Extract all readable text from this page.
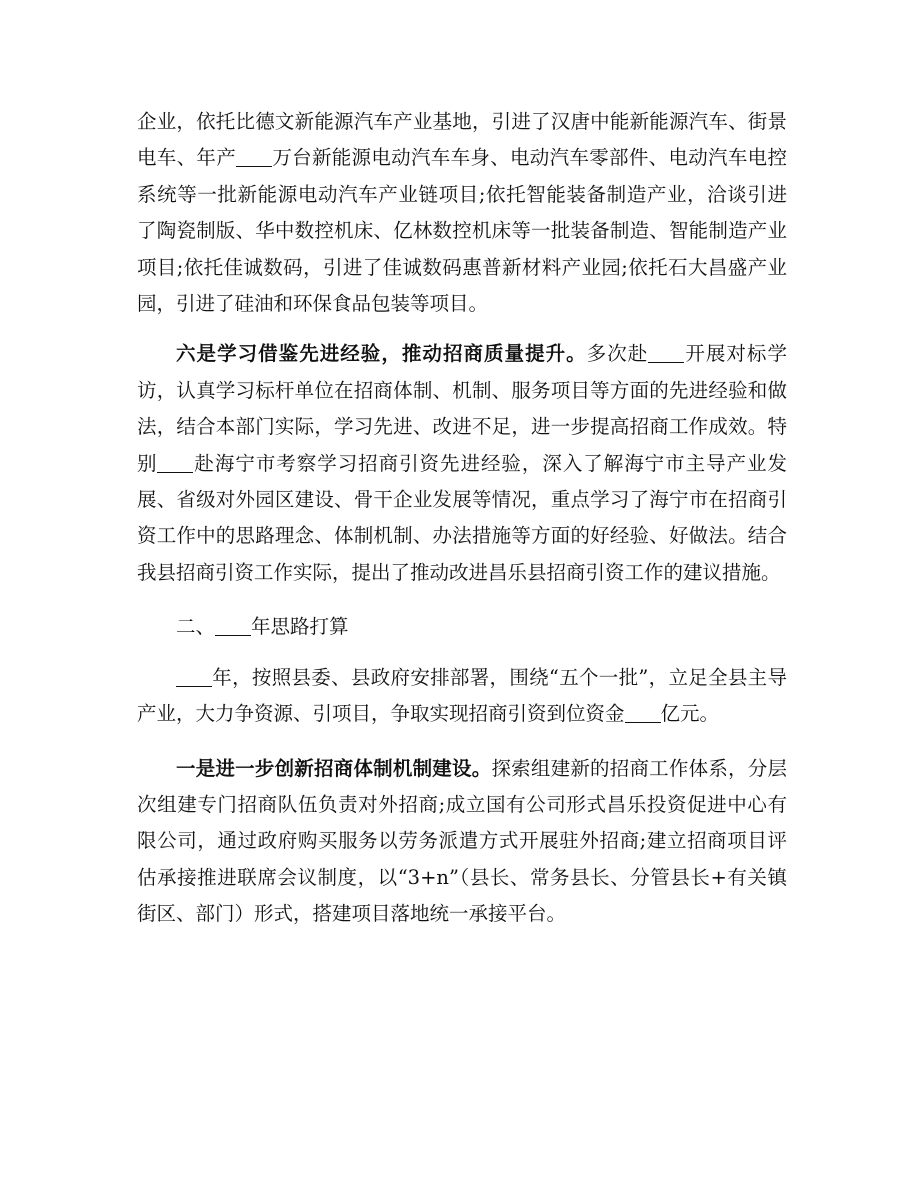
企业，依托比德文新能源汽车产业基地，引进了汉唐中能新能源汽车、街景电车、年产 万台新能源电动汽车车身、电动汽车零部件、电动汽车电控系统等一批新能源电动汽车产业链项目;依托智能装备制造产业，洽谈引进了陶瓷制版、华中数控机床、亿林数控机床等一批装备制造、智能制造产业项目;依托佳诚数码，引进了佳诚数码惠普新材料产业园;依托石大昌盛产业园，引进了硅油和环保食品包装等项目。

六是学习借鉴先进经验，推动招商质量提升。多次赴 开展对标学访，认真学习标杆单位在招商体制、机制、服务项目等方面的先进经验和做法，结合本部门实际，学习先进、改进不足，进一步提高招商工作成效。特别 赴海宁市考察学习招商引资先进经验，深入了解海宁市主导产业发展、省级对外园区建设、骨干企业发展等情况，重点学习了海宁市在招商引资工作中的思路理念、体制机制、办法措施等方面的好经验、好做法。结合我县招商引资工作实际，提出了推动改进昌乐县招商引资工作的建议措施。

二、 年思路打算

年，按照县委、县政府安排部署，围绕“五个一批”，立足全县主导产业，大力争资源、引项目，争取实现招商引资到位资金 亿元。

一是进一步创新招商体制机制建设。探索组建新的招商工作体系，分层次组建专门招商队伍负责对外招商;成立国有公司形式昌乐投资促进中心有限公司，通过政府购买服务以劳务派遣方式开展驻外招商;建立招商项目评估承接推进联席会议制度，以“3+n”（县长、常务县长、分管县长+有关镇街区、部门）形式，搭建项目落地统一承接平台。
